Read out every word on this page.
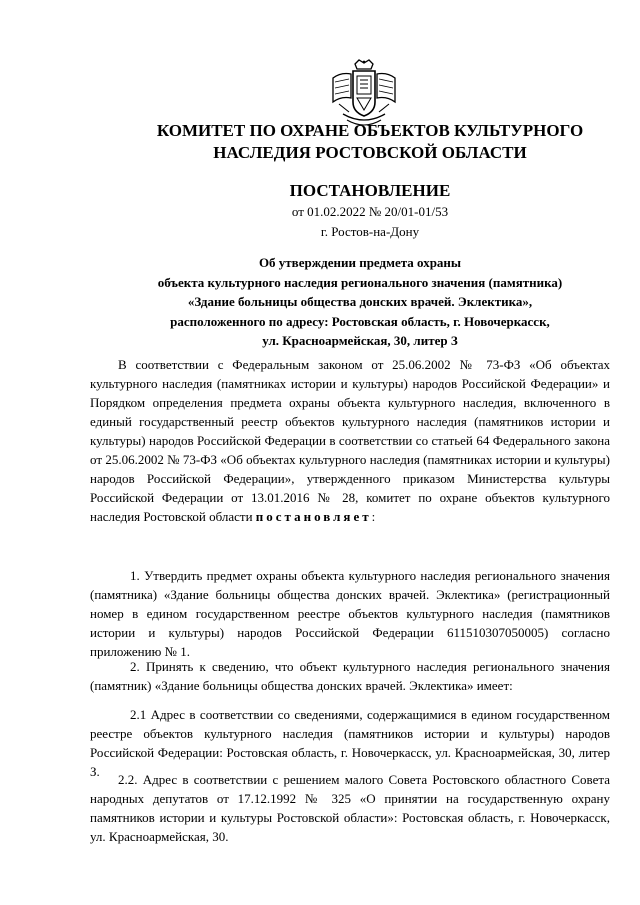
КОМИТЕТ ПО ОХРАНЕ ОБЪЕКТОВ КУЛЬТУРНОГО
НАСЛЕДИЯ РОСТОВСКОЙ ОБЛАСТИ
ПОСТАНОВЛЕНИЕ
от 01.02.2022 № 20/01-01/53
г. Ростов-на-Дону
Об утверждении предмета охраны
объекта культурного наследия регионального значения (памятника)
«Здание больницы общества донских врачей. Эклектика»,
расположенного по адресу: Ростовская область, г. Новочеркасск,
ул. Красноармейская, 30, литер З

В соответствии с Федеральным законом от 25.06.2002 № 73-ФЗ «Об объектах культурного наследия (памятниках истории и культуры) народов Российской Федерации» и Порядком определения предмета охраны объекта культурного наследия, включенного в единый государственный реестр объектов культурного наследия (памятников истории и культуры) народов Российской Федерации в соответствии со статьей 64 Федерального закона от 25.06.2002 № 73-ФЗ «Об объектах культурного наследия (памятниках истории и культуры) народов Российской Федерации», утвержденного приказом Министерства культуры Российской Федерации от 13.01.2016 № 28, комитет по охране объектов культурного наследия Ростовской области постановляет:

1. Утвердить предмет охраны объекта культурного наследия регионального значения (памятника) «Здание больницы общества донских врачей. Эклектика» (регистрационный номер в едином государственном реестре объектов культурного наследия (памятников истории и культуры) народов Российской Федерации 611510307050005) согласно приложению № 1.

2. Принять к сведению, что объект культурного наследия регионального значения (памятник) «Здание больницы общества донских врачей. Эклектика» имеет:

2.1 Адрес в соответствии со сведениями, содержащимися в едином государственном реестре объектов культурного наследия (памятников истории и культуры) народов Российской Федерации: Ростовская область, г. Новочеркасск, ул. Красноармейская, 30, литер З.

2.2. Адрес в соответствии с решением малого Совета Ростовского областного Совета народных депутатов от 17.12.1992 № 325 «О принятии на государственную охрану памятников истории и культуры Ростовской области»: Ростовская область, г. Новочеркасск, ул. Красноармейская, 30.
